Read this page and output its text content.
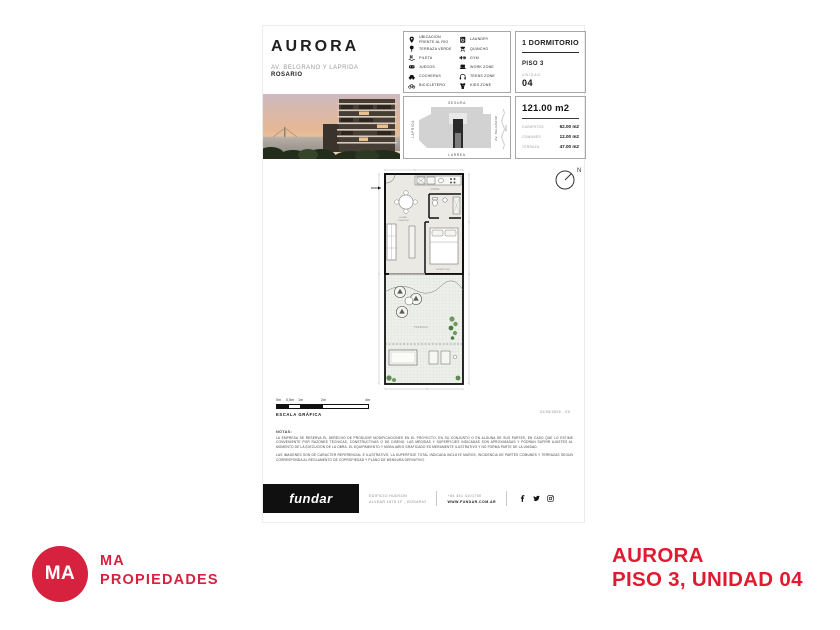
AURORA
AV. BELGRANO Y LAPRIDA
ROSARIO
UBICACION FRENTE AL RIO
TERRAZA VERDE
PILETA
JUEGOS
COCHERAS
BICICLETERO
LAUNDRY
QUINCHO
GYM
WORK ZONE
TEENS ZONE
KIDS ZONE
1 DORMITORIO
PISO 3
UNIDAD
04
SEGURA
LARREA
LAPRIDA	AV. BELGRANO RIO
121.00 m2
CUBIERTOS	62.00 m2
COMUNES	12.00 m2
TERRAZA	47.00 m2
COCINA
DORMITORIO
ESTAR
COMEDOR
TERRAZA
N
0m 0,5m 1m	2m	4m
ESCALA GRÁFICA	01/03/2025 - V0
NOTAS:

LA EMPRESA SE RESERVA EL DERECHO DE PRODUCIR MODIFICACIONES EN EL PROYECTO, EN SU CONJUNTO O EN ALGUNA DE SUS PARTES, EN CASO QUE LO ESTIME CONVENIENTE POR RAZONES TECNICAS, CONSTRUCTIVAS O DE DISENO. LAS MEDIDAS Y SUPERFICIES INDICADAS SON APROXIMADAS Y PODRAN SUFRIR AJUSTES AL MOMENTO DE LA EJECUCION DE LA OBRA. EL EQUIPAMIENTO Y MOBILIARIO GRAFICADO ES MERAMENTE ILUSTRATIVO Y NO FORMA PARTE DE LA UNIDAD.

LAS IMAGENES SON DE CARACTER REFERENCIAL E ILUSTRATIVO. LA SUPERFICIE TOTAL INDICADA INCLUYE MUROS, INCIDENCIA DE PARTES COMUNES Y TERRAZAS SEGUN CORRESPONDA AL REGLAMENTO DE COPROPIEDAD Y PLANO DE MENSURA DEFINITIVO.

fundar	EDIFICIO HUDSON
ALVEAR 1670 1F - ROSARIO
+54 341 4101700
WWW.FUNDAR.COM.AR
MA
MA
PROPIEDADES
AURORA
PISO 3, UNIDAD 04
